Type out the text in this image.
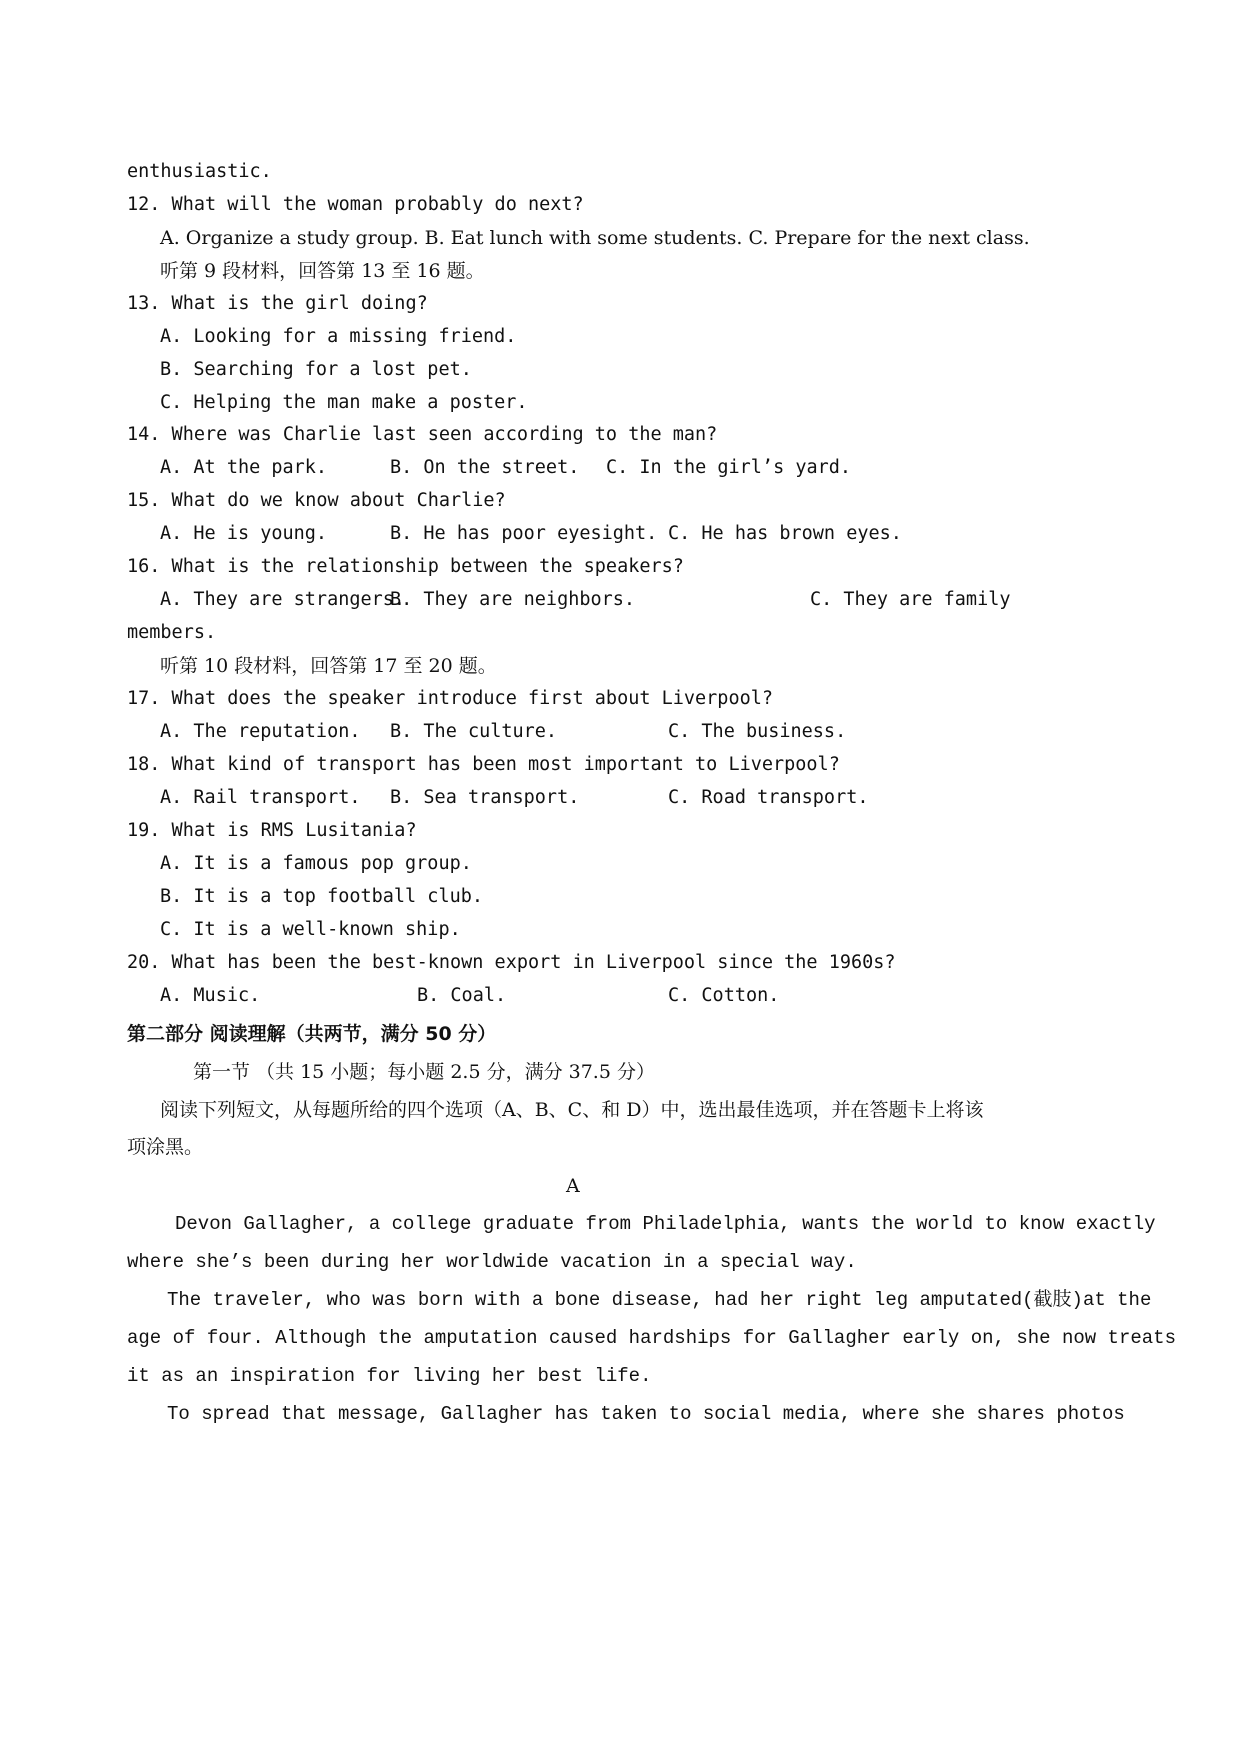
enthusiastic.
12. What will the woman probably do next?
A. Organize a study group. B. Eat lunch with some students. C. Prepare for the next class.
听第 9 段材料，回答第 13 至 16 题。
13. What is the girl doing?
A. Looking for a missing friend.
B. Searching for a lost pet.
C. Helping the man make a poster.
14. Where was Charlie last seen according to the man?
A. At the park.	B. On the street. C. In the girl’s yard.
15. What do we know about Charlie?
A. He is young.	B. He has poor eyesight. C. He has brown eyes.
16. What is the relationship between the speakers?
A. They are strangers.
B. They are neighbors.	C. They are family
members.
听第 10 段材料，回答第 17 至 20 题。
17. What does the speaker introduce first about Liverpool?
A. The reputation. B. The culture.	C. The business.
18. What kind of transport has been most important to Liverpool?
A. Rail transport. B. Sea transport.	C. Road transport.
19. What is RMS Lusitania?
A. It is a famous pop group.
B. It is a top football club.
C. It is a well-known ship.
20. What has been the best-known export in Liverpool since the 1960s?
A. Music.	B. Coal.	C. Cotton.
第二部分 阅读理解（共两节，满分 50 分）
第一节 （共 15 小题；每小题 2.5 分，满分 37.5 分）
阅读下列短文，从每题所给的四个选项（A、B、C、和 D）中，选出最佳选项，并在答题卡上将该
项涂黑。
A
Devon Gallagher, a college graduate from Philadelphia, wants the world to know exactly
where she’s been during her worldwide vacation in a special way.
The traveler, who was born with a bone disease, had her right leg amputated(截肢)at the
age of four. Although the amputation caused hardships for Gallagher early on, she now treats
it as an inspiration for living her best life.
To spread that message, Gallagher has taken to social media, where she shares photos
